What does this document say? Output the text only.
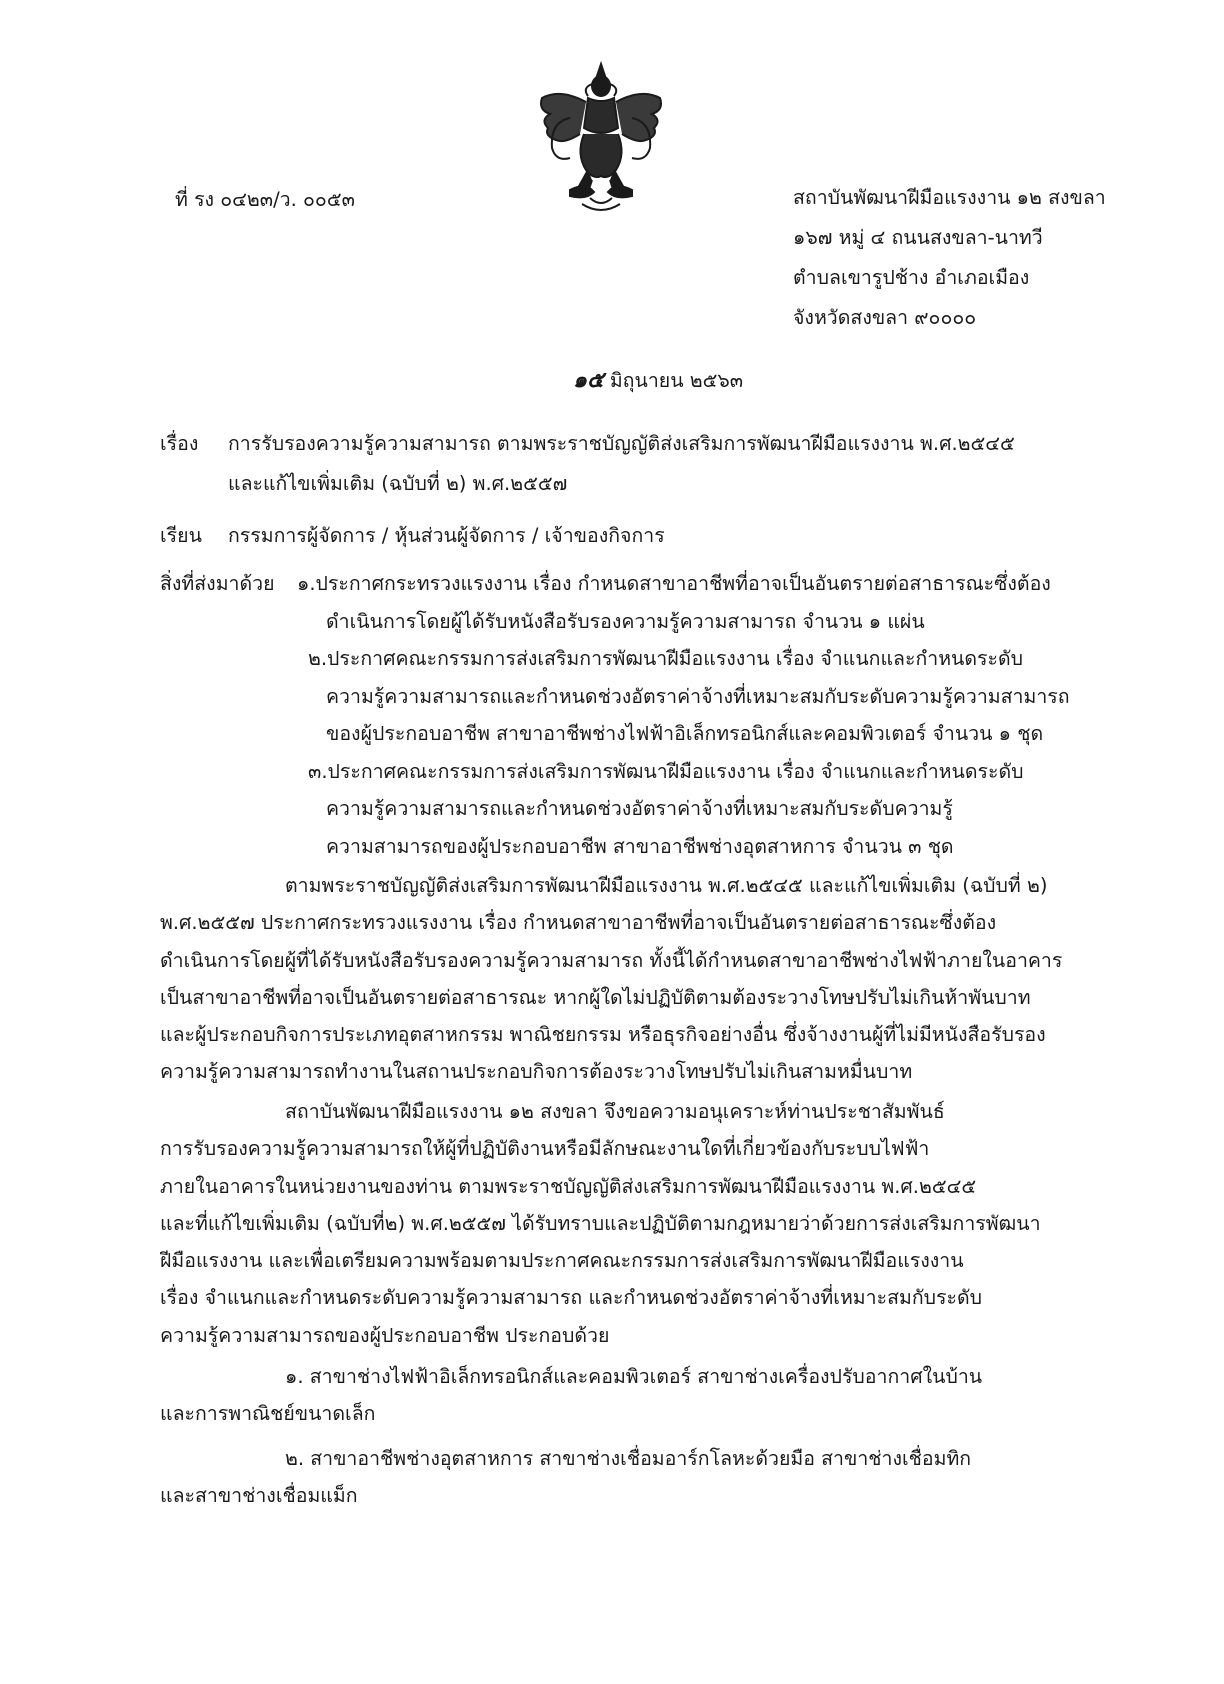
ที่ รง ๐๔๒๓/ว. ๐๐๕๓	สถาบันพัฒนาฝีมือแรงงาน ๑๒ สงขลา
๑๖๗ หมู่ ๔ ถนนสงขลา-นาทวี
ตำบลเขารูปช้าง อำเภอเมือง
จังหวัดสงขลา ๙๐๐๐๐
๑๕ มิถุนายน ๒๕๖๓
เรื่อง การรับรองความรู้ความสามารถ ตามพระราชบัญญัติส่งเสริมการพัฒนาฝีมือแรงงาน พ.ศ.๒๕๔๕
และแก้ไขเพิ่มเติม (ฉบับที่ ๒) พ.ศ.๒๕๕๗
เรียน กรรมการผู้จัดการ / หุ้นส่วนผู้จัดการ / เจ้าของกิจการ
สิ่งที่ส่งมาด้วย ๑.ประกาศกระทรวงแรงงาน เรื่อง กำหนดสาขาอาชีพที่อาจเป็นอันตรายต่อสาธารณะซึ่งต้อง
ดำเนินการโดยผู้ได้รับหนังสือรับรองความรู้ความสามารถ จำนวน ๑ แผ่น
๒.ประกาศคณะกรรมการส่งเสริมการพัฒนาฝีมือแรงงาน เรื่อง จำแนกและกำหนดระดับ
ความรู้ความสามารถและกำหนดช่วงอัตราค่าจ้างที่เหมาะสมกับระดับความรู้ความสามารถ
ของผู้ประกอบอาชีพ สาขาอาชีพช่างไฟฟ้าอิเล็กทรอนิกส์และคอมพิวเตอร์ จำนวน ๑ ชุด
๓.ประกาศคณะกรรมการส่งเสริมการพัฒนาฝีมือแรงงาน เรื่อง จำแนกและกำหนดระดับ
ความรู้ความสามารถและกำหนดช่วงอัตราค่าจ้างที่เหมาะสมกับระดับความรู้
ความสามารถของผู้ประกอบอาชีพ สาขาอาชีพช่างอุตสาหการ จำนวน ๓ ชุด
ตามพระราชบัญญัติส่งเสริมการพัฒนาฝีมือแรงงาน พ.ศ.๒๕๔๕ และแก้ไขเพิ่มเติม (ฉบับที่ ๒)
พ.ศ.๒๕๕๗ ประกาศกระทรวงแรงงาน เรื่อง กำหนดสาขาอาชีพที่อาจเป็นอันตรายต่อสาธารณะซึ่งต้อง
ดำเนินการโดยผู้ที่ได้รับหนังสือรับรองความรู้ความสามารถ ทั้งนี้ได้กำหนดสาขาอาชีพช่างไฟฟ้าภายในอาคาร
เป็นสาขาอาชีพที่อาจเป็นอันตรายต่อสาธารณะ หากผู้ใดไม่ปฏิบัติตามต้องระวางโทษปรับไม่เกินห้าพันบาท
และผู้ประกอบกิจการประเภทอุตสาหกรรม พาณิชยกรรม หรือธุรกิจอย่างอื่น ซึ่งจ้างงานผู้ที่ไม่มีหนังสือรับรอง
ความรู้ความสามารถทำงานในสถานประกอบกิจการต้องระวางโทษปรับไม่เกินสามหมื่นบาท
สถาบันพัฒนาฝีมือแรงงาน ๑๒ สงขลา จึงขอความอนุเคราะห์ท่านประชาสัมพันธ์
การรับรองความรู้ความสามารถให้ผู้ที่ปฏิบัติงานหรือมีลักษณะงานใดที่เกี่ยวข้องกับระบบไฟฟ้า
ภายในอาคารในหน่วยงานของท่าน ตามพระราชบัญญัติส่งเสริมการพัฒนาฝีมือแรงงาน พ.ศ.๒๕๔๕
และที่แก้ไขเพิ่มเติม (ฉบับที่๒) พ.ศ.๒๕๕๗ ได้รับทราบและปฏิบัติตามกฎหมายว่าด้วยการส่งเสริมการพัฒนา
ฝีมือแรงงาน และเพื่อเตรียมความพร้อมตามประกาศคณะกรรมการส่งเสริมการพัฒนาฝีมือแรงงาน
เรื่อง จำแนกและกำหนดระดับความรู้ความสามารถ และกำหนดช่วงอัตราค่าจ้างที่เหมาะสมกับระดับ
ความรู้ความสามารถของผู้ประกอบอาชีพ ประกอบด้วย
๑. สาขาช่างไฟฟ้าอิเล็กทรอนิกส์และคอมพิวเตอร์ สาขาช่างเครื่องปรับอากาศในบ้าน
และการพาณิชย์ขนาดเล็ก
๒. สาขาอาชีพช่างอุตสาหการ สาขาช่างเชื่อมอาร์กโลหะด้วยมือ สาขาช่างเชื่อมทิก
และสาขาช่างเชื่อมแม็ก
